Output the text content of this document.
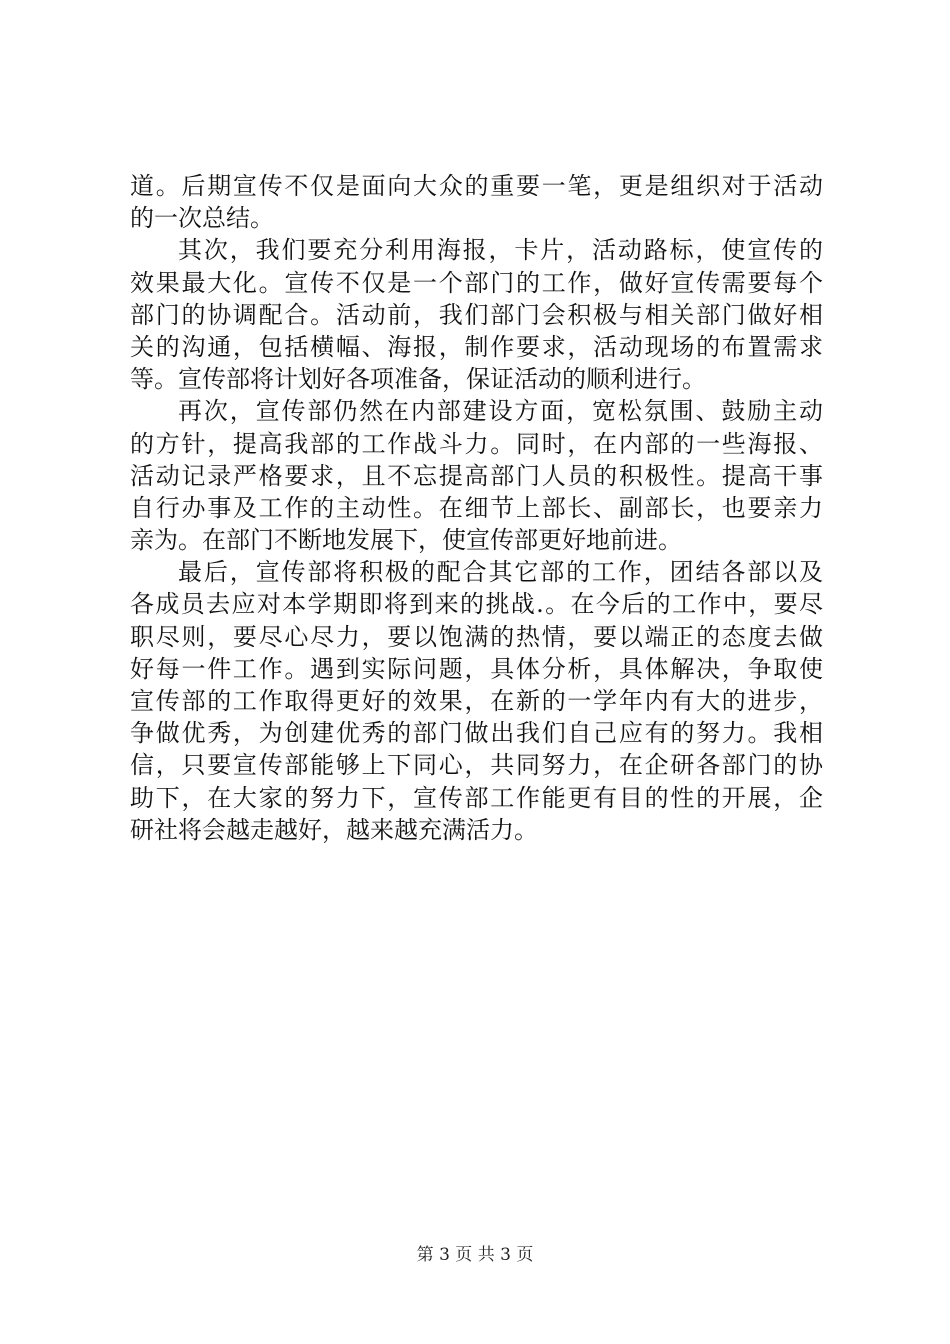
道。后期宣传不仅是面向大众的重要一笔，更是组织对于活动
的一次总结。
其次，我们要充分利用海报，卡片，活动路标，使宣传的
效果最大化。宣传不仅是一个部门的工作，做好宣传需要每个
部门的协调配合。活动前，我们部门会积极与相关部门做好相
关的沟通，包括横幅、海报，制作要求，活动现场的布置需求
等。宣传部将计划好各项准备，保证活动的顺利进行。
再次，宣传部仍然在内部建设方面，宽松氛围、鼓励主动
的方针，提高我部的工作战斗力。同时，在内部的一些海报、
活动记录严格要求，且不忘提高部门人员的积极性。提高干事
自行办事及工作的主动性。在细节上部长、副部长，也要亲力
亲为。在部门不断地发展下，使宣传部更好地前进。
最后，宣传部将积极的配合其它部的工作，团结各部以及
各成员去应对本学期即将到来的挑战.。在今后的工作中，要尽
职尽则，要尽心尽力，要以饱满的热情，要以端正的态度去做
好每一件工作。遇到实际问题，具体分析，具体解决，争取使
宣传部的工作取得更好的效果，在新的一学年内有大的进步，
争做优秀，为创建优秀的部门做出我们自己应有的努力。我相
信，只要宣传部能够上下同心，共同努力，在企研各部门的协
助下，在大家的努力下，宣传部工作能更有目的性的开展，企
研社将会越走越好，越来越充满活力。
第 3 页 共 3 页
